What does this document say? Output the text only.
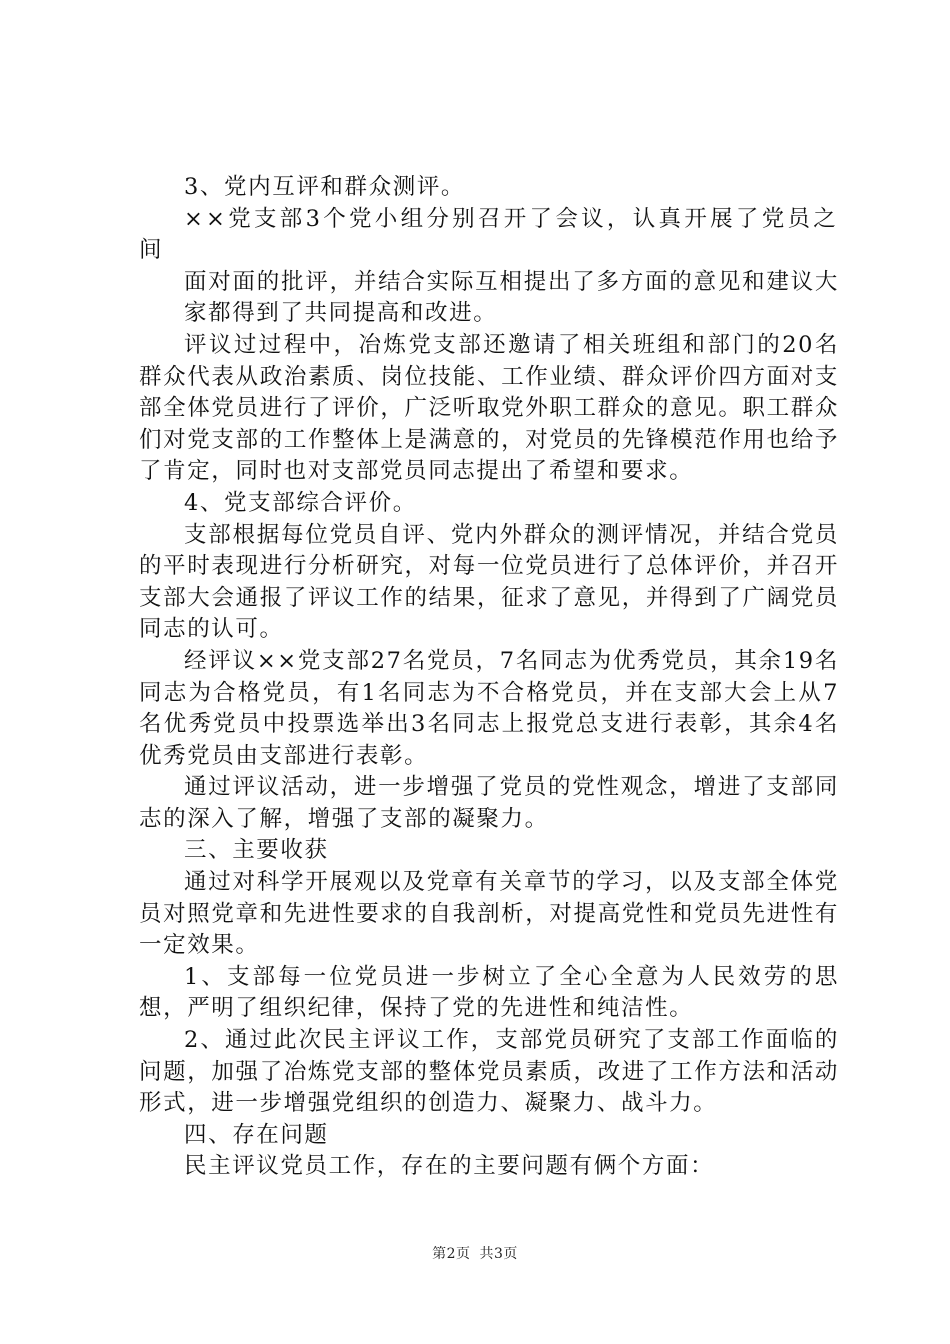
3、党内互评和群众测评。

××党支部3个党小组分别召开了会议，认真开展了党员之间

面对面的批评，并结合实际互相提出了多方面的意见和建议大家都得到了共同提高和改进。

评议过过程中，冶炼党支部还邀请了相关班组和部门的20名群众代表从政治素质、岗位技能、工作业绩、群众评价四方面对支部全体党员进行了评价，广泛听取党外职工群众的意见。职工群众们对党支部的工作整体上是满意的，对党员的先锋模范作用也给予了肯定，同时也对支部党员同志提出了希望和要求。

4、党支部综合评价。

支部根据每位党员自评、党内外群众的测评情况，并结合党员的平时表现进行分析研究，对每一位党员进行了总体评价，并召开支部大会通报了评议工作的结果，征求了意见，并得到了广阔党员同志的认可。

经评议××党支部27名党员，7名同志为优秀党员，其余19名同志为合格党员，有1名同志为不合格党员，并在支部大会上从7名优秀党员中投票选举出3名同志上报党总支进行表彰，其余4名优秀党员由支部进行表彰。

通过评议活动，进一步增强了党员的党性观念，增进了支部同志的深入了解，增强了支部的凝聚力。

三、主要收获

通过对科学开展观以及党章有关章节的学习，以及支部全体党员对照党章和先进性要求的自我剖析，对提高党性和党员先进性有一定效果。

1、支部每一位党员进一步树立了全心全意为人民效劳的思想，严明了组织纪律，保持了党的先进性和纯洁性。

2、通过此次民主评议工作，支部党员研究了支部工作面临的问题，加强了冶炼党支部的整体党员素质，改进了工作方法和活动形式，进一步增强党组织的创造力、凝聚力、战斗力。

四、存在问题

民主评议党员工作，存在的主要问题有俩个方面：

第2页 共3页
